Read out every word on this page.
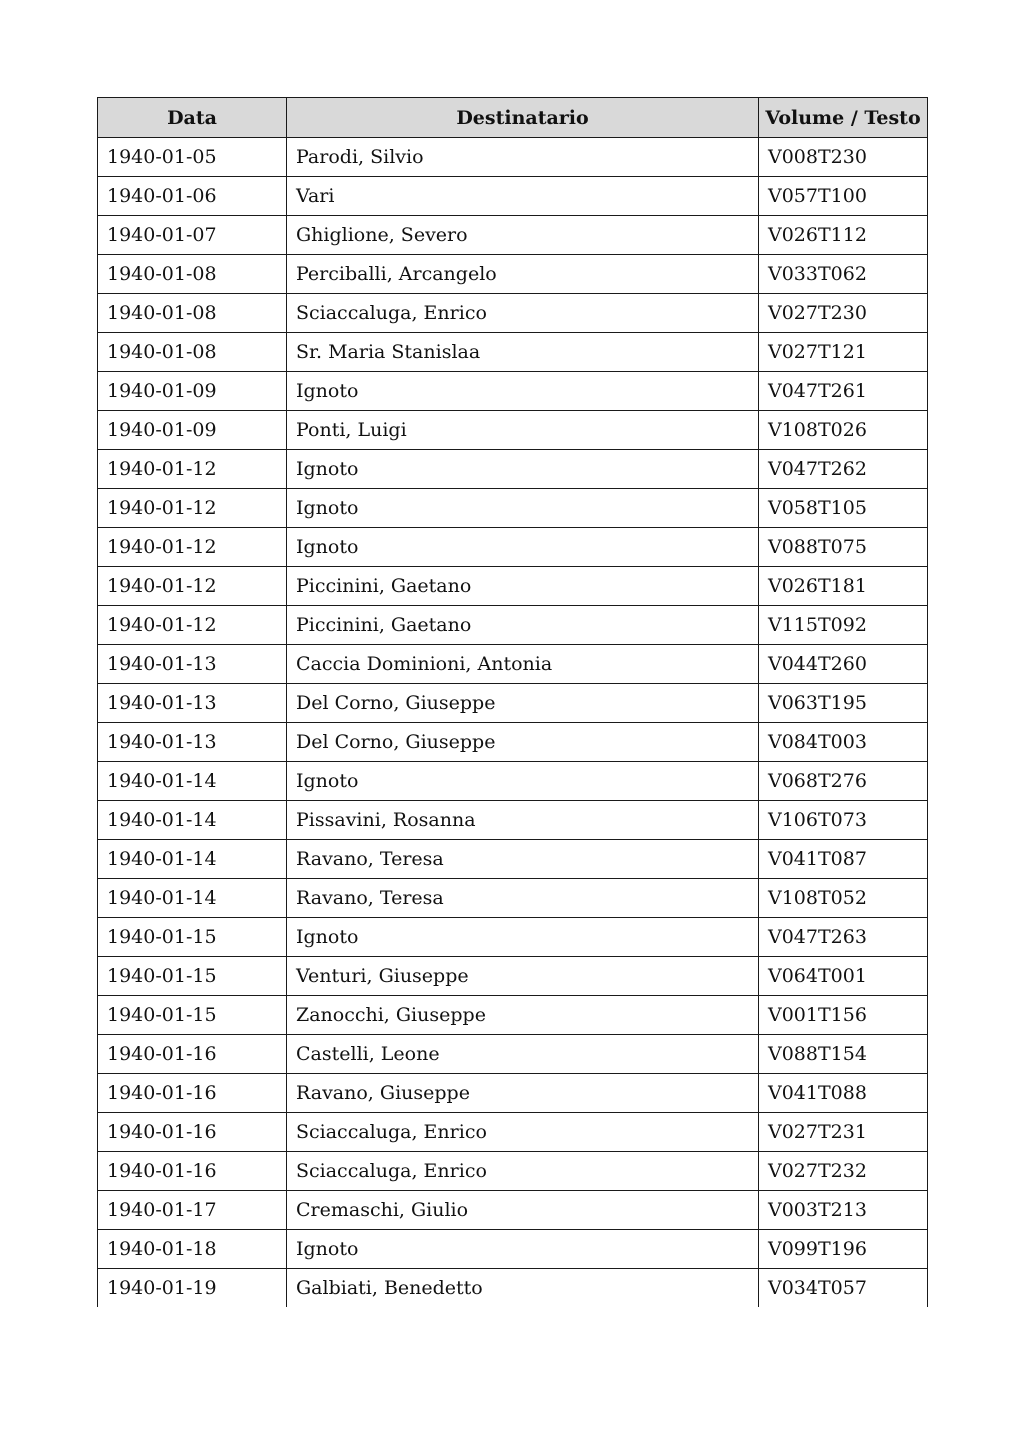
Data	Destinatario	Volume / Testo
1940-01-05	Parodi, Silvio	V008T230
1940-01-06	Vari	V057T100
1940-01-07	Ghiglione, Severo	V026T112
1940-01-08	Perciballi, Arcangelo	V033T062
1940-01-08	Sciaccaluga, Enrico	V027T230
1940-01-08	Sr. Maria Stanislaa	V027T121
1940-01-09	Ignoto	V047T261
1940-01-09	Ponti, Luigi	V108T026
1940-01-12	Ignoto	V047T262
1940-01-12	Ignoto	V058T105
1940-01-12	Ignoto	V088T075
1940-01-12	Piccinini, Gaetano	V026T181
1940-01-12	Piccinini, Gaetano	V115T092
1940-01-13	Caccia Dominioni, Antonia	V044T260
1940-01-13	Del Corno, Giuseppe	V063T195
1940-01-13	Del Corno, Giuseppe	V084T003
1940-01-14	Ignoto	V068T276
1940-01-14	Pissavini, Rosanna	V106T073
1940-01-14	Ravano, Teresa	V041T087
1940-01-14	Ravano, Teresa	V108T052
1940-01-15	Ignoto	V047T263
1940-01-15	Venturi, Giuseppe	V064T001
1940-01-15	Zanocchi, Giuseppe	V001T156
1940-01-16	Castelli, Leone	V088T154
1940-01-16	Ravano, Giuseppe	V041T088
1940-01-16	Sciaccaluga, Enrico	V027T231
1940-01-16	Sciaccaluga, Enrico	V027T232
1940-01-17	Cremaschi, Giulio	V003T213
1940-01-18	Ignoto	V099T196
1940-01-19	Galbiati, Benedetto	V034T057
